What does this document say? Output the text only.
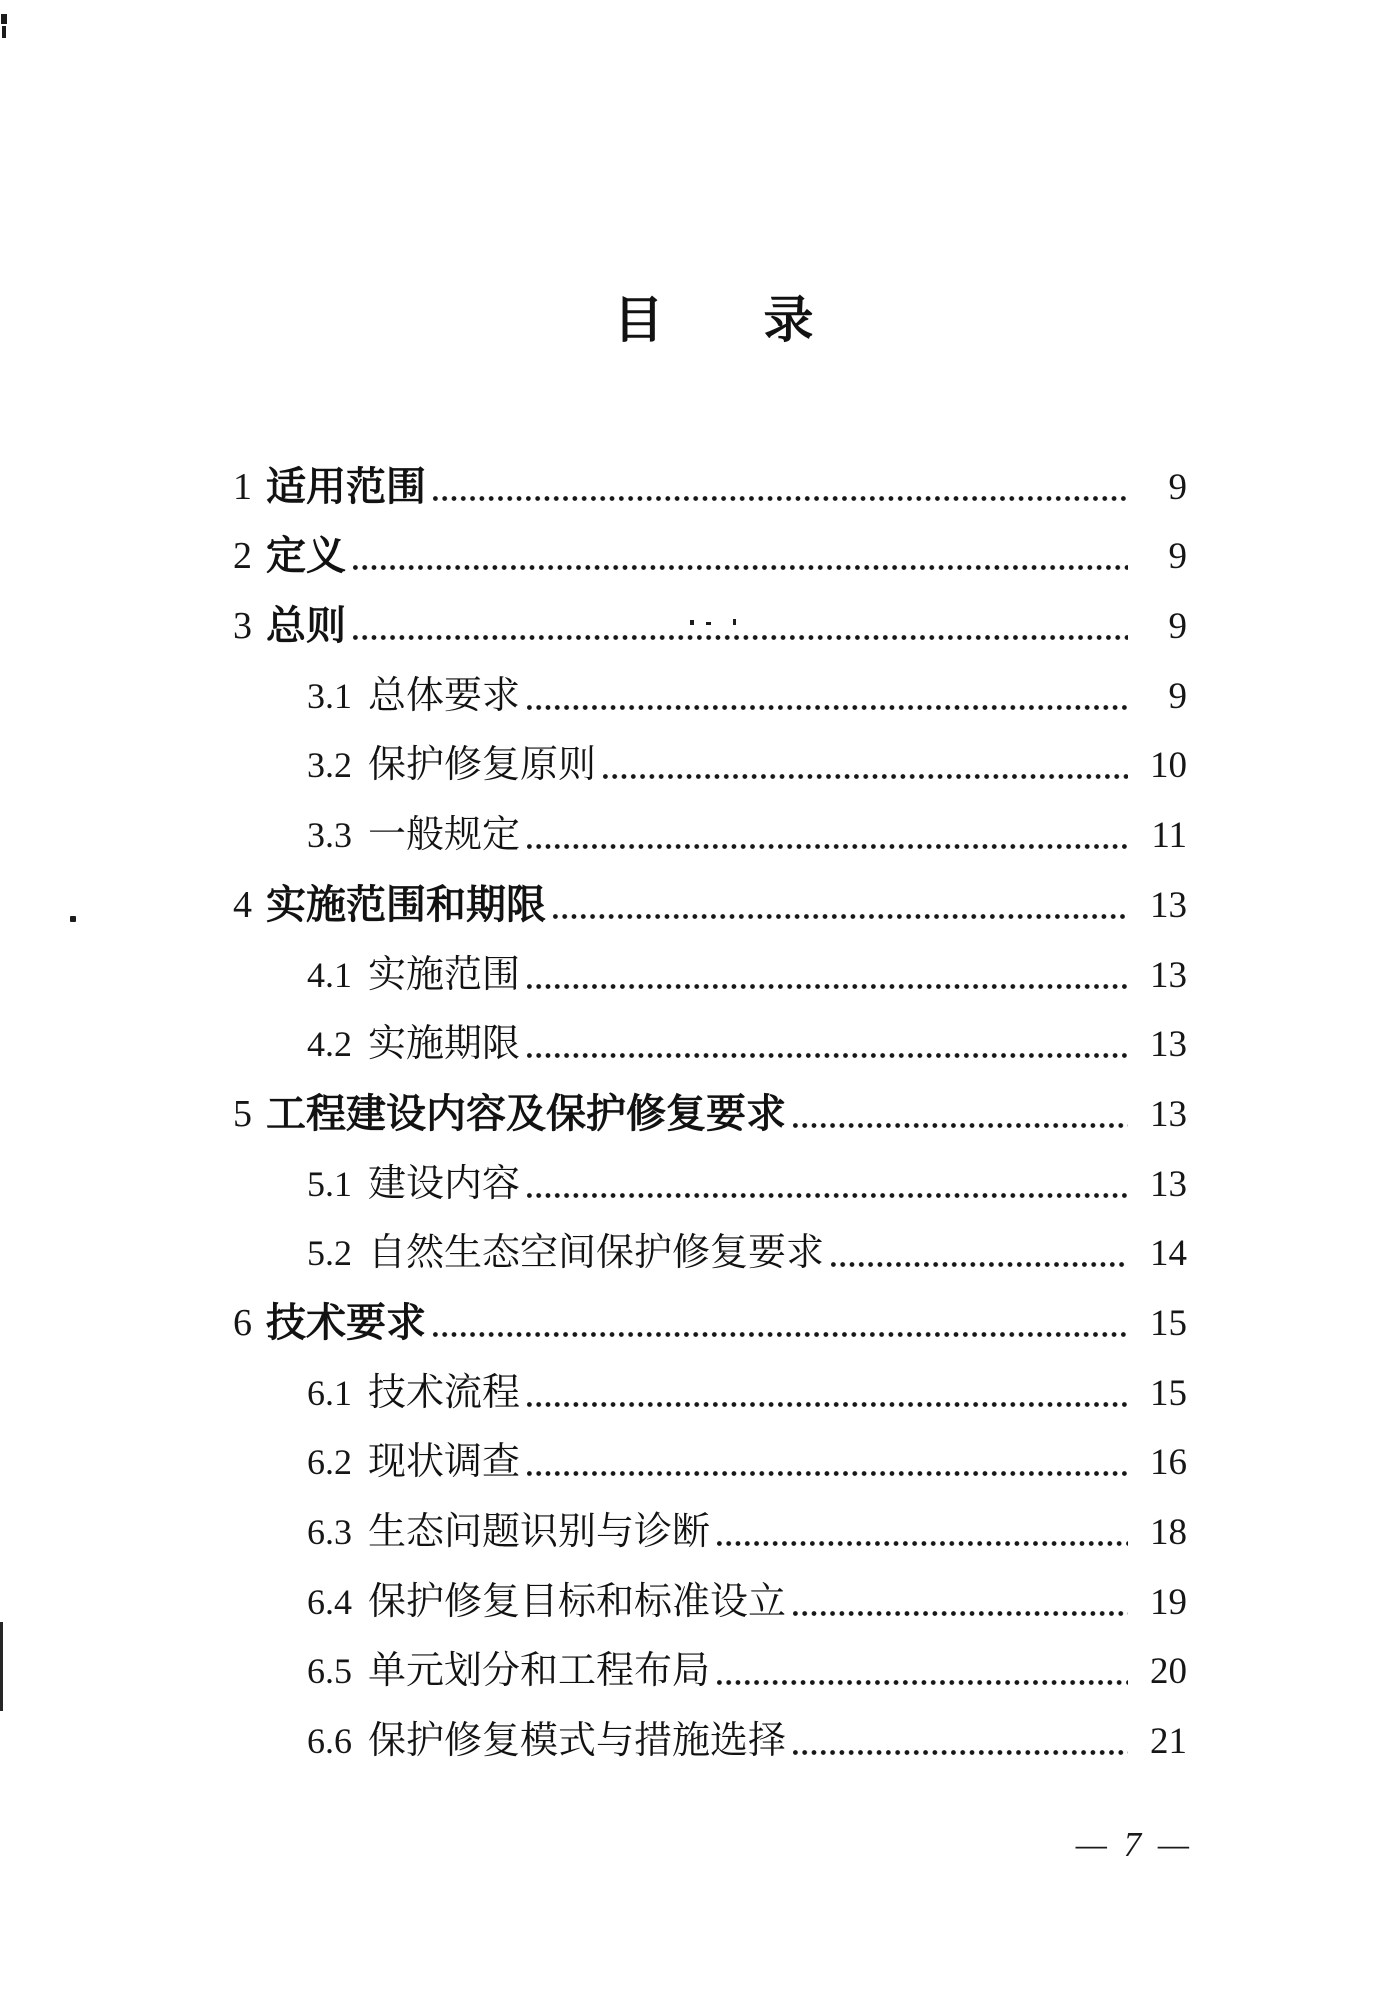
目　　录
1 适用范围	9
2 定义	9
3 总则	9
3.1 总体要求	9
3.2 保护修复原则	10
3.3 一般规定	11
4 实施范围和期限	13
4.1 实施范围	13
4.2 实施期限	13
5 工程建设内容及保护修复要求	13
5.1 建设内容	13
5.2 自然生态空间保护修复要求	14
6 技术要求	15
6.1 技术流程	15
6.2 现状调查	16
6.3 生态问题识别与诊断	18
6.4 保护修复目标和标准设立	19
6.5 单元划分和工程布局	20
6.6 保护修复模式与措施选择	21
— 7 —
